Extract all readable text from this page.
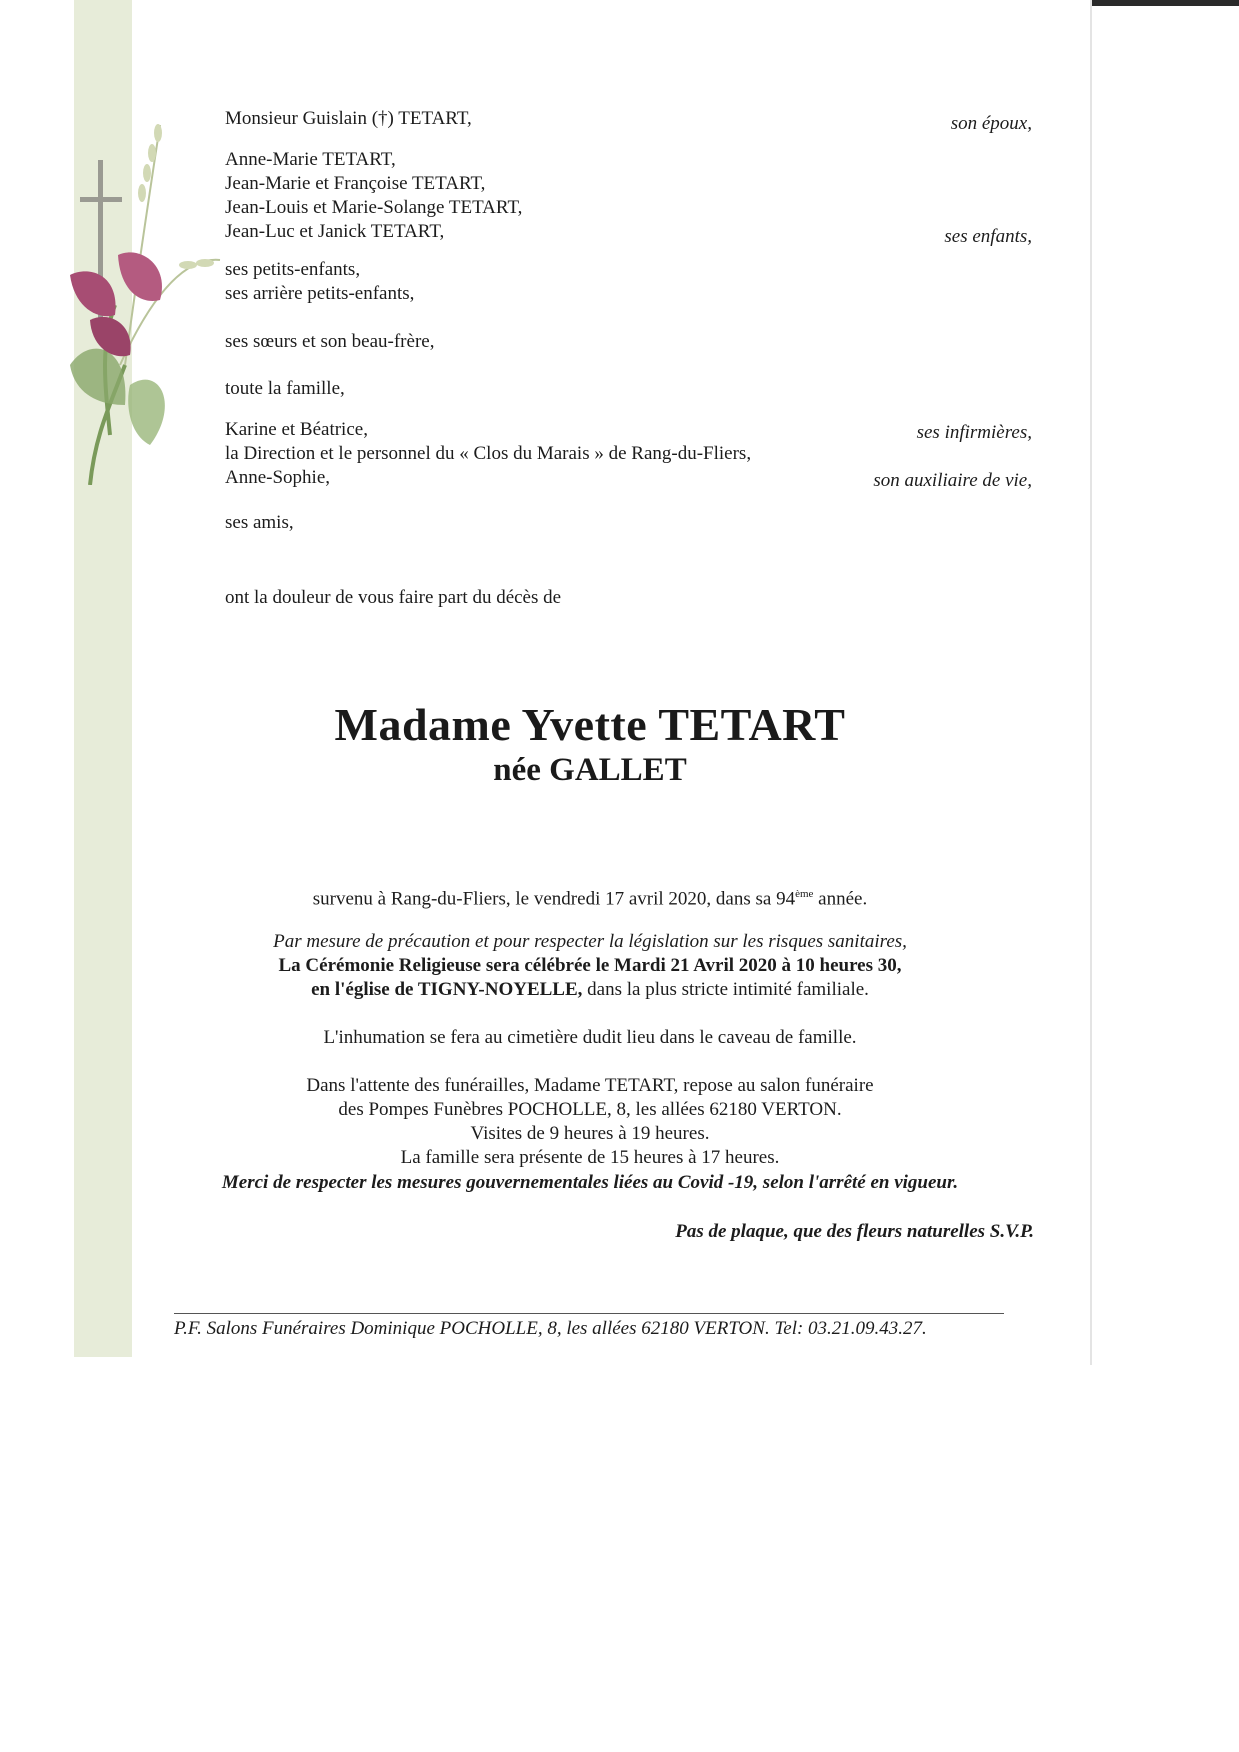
Monsieur Guislain (†) TETART,	son époux,
Anne-Marie TETART,
Jean-Marie et Françoise TETART,
Jean-Louis et Marie-Solange TETART,
Jean-Luc et Janick TETART,	ses enfants,
ses petits-enfants,
ses arrière petits-enfants,
ses sœurs et son beau-frère,
toute la famille,
Karine et Béatrice,	ses infirmières,
la Direction et le personnel du « Clos du Marais » de Rang-du-Fliers,
Anne-Sophie,	son auxiliaire de vie,
ses amis,
ont la douleur de vous faire part du décès de
Madame Yvette TETART
née GALLET
survenu à Rang-du-Fliers, le vendredi 17 avril 2020, dans sa 94ème année.
Par mesure de précaution et pour respecter la législation sur les risques sanitaires,
La Cérémonie Religieuse sera célébrée le Mardi 21 Avril 2020 à 10 heures 30,
en l'église de TIGNY-NOYELLE, dans la plus stricte intimité familiale.
L'inhumation se fera au cimetière dudit lieu dans le caveau de famille.
Dans l'attente des funérailles, Madame TETART, repose au salon funéraire
des Pompes Funèbres POCHOLLE, 8, les allées 62180 VERTON.
Visites de 9 heures à 19 heures.
La famille sera présente de 15 heures à 17 heures.
Merci de respecter les mesures gouvernementales liées au Covid -19, selon l'arrêté en vigueur.
Pas de plaque, que des fleurs naturelles S.V.P.
P.F. Salons Funéraires Dominique POCHOLLE, 8, les allées 62180 VERTON. Tel: 03.21.09.43.27.
